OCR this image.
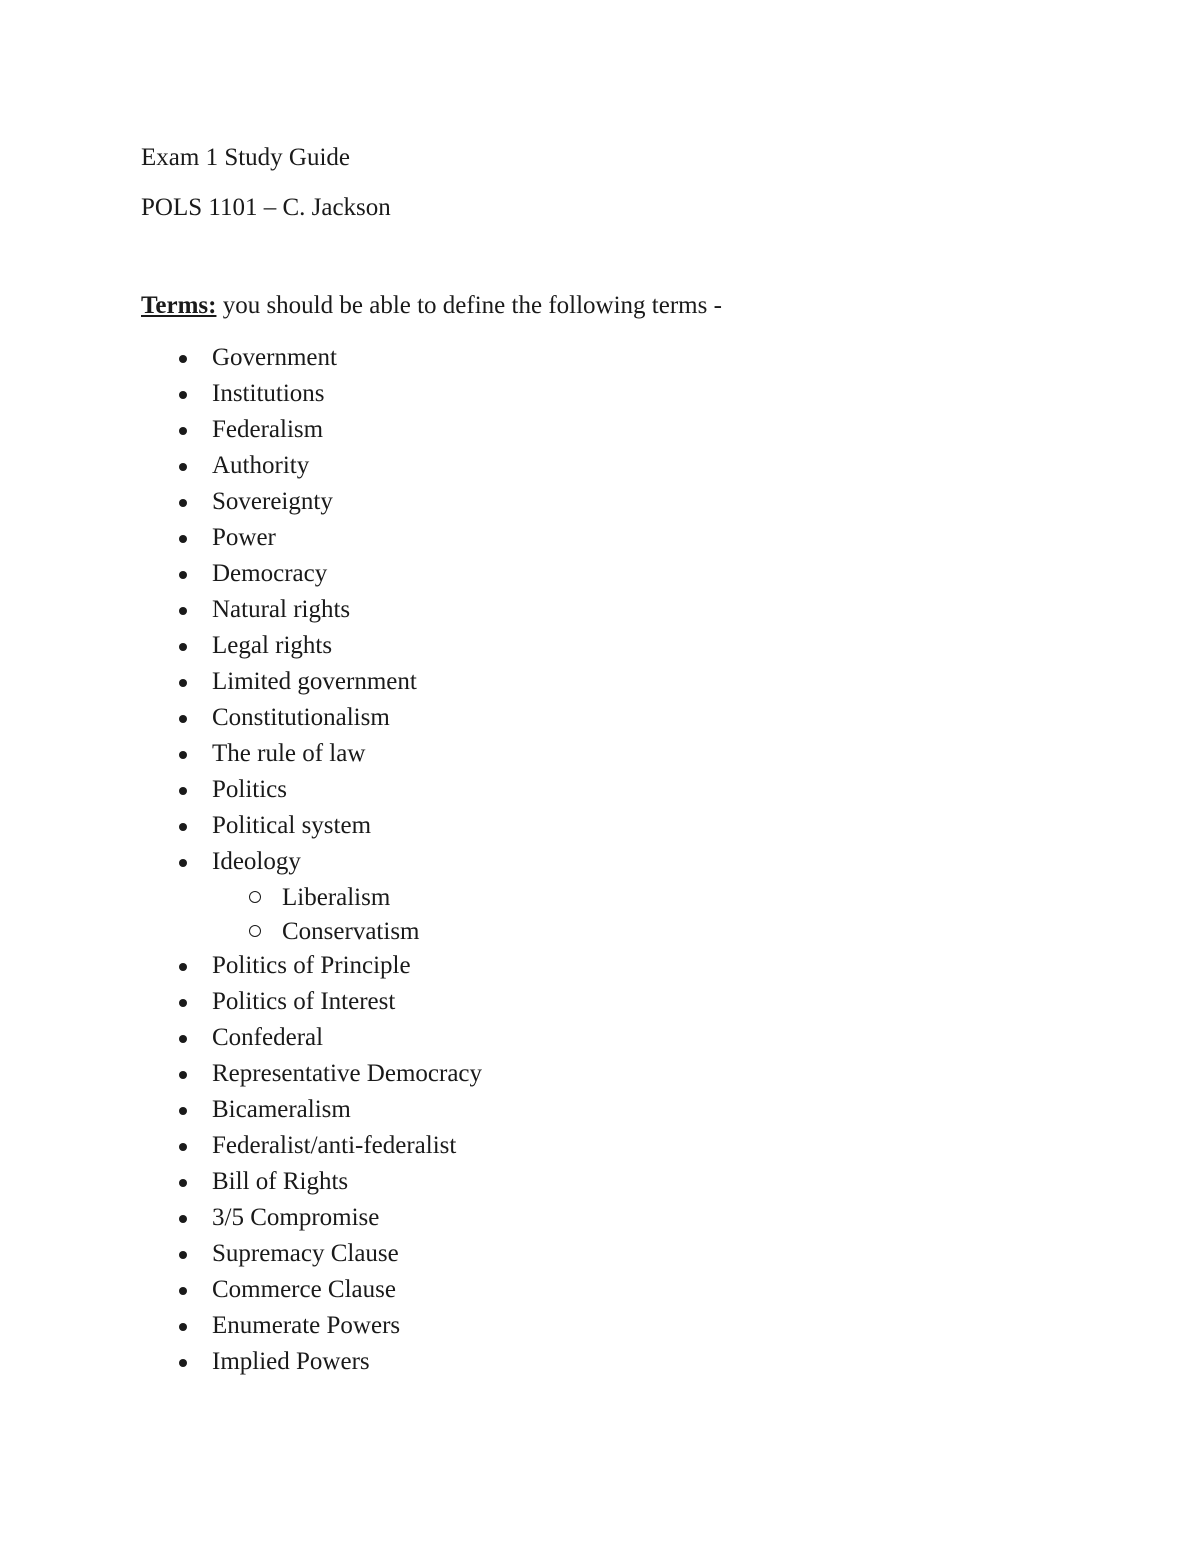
Exam 1 Study Guide
POLS 1101 – C. Jackson
Terms: you should be able to define the following terms -
Government
Institutions
Federalism
Authority
Sovereignty
Power
Democracy
Natural rights
Legal rights
Limited government
Constitutionalism
The rule of law
Politics
Political system
Ideology
Liberalism
Conservatism
Politics of Principle
Politics of Interest
Confederal
Representative Democracy
Bicameralism
Federalist/anti-federalist
Bill of Rights
3/5 Compromise
Supremacy Clause
Commerce Clause
Enumerate Powers
Implied Powers
